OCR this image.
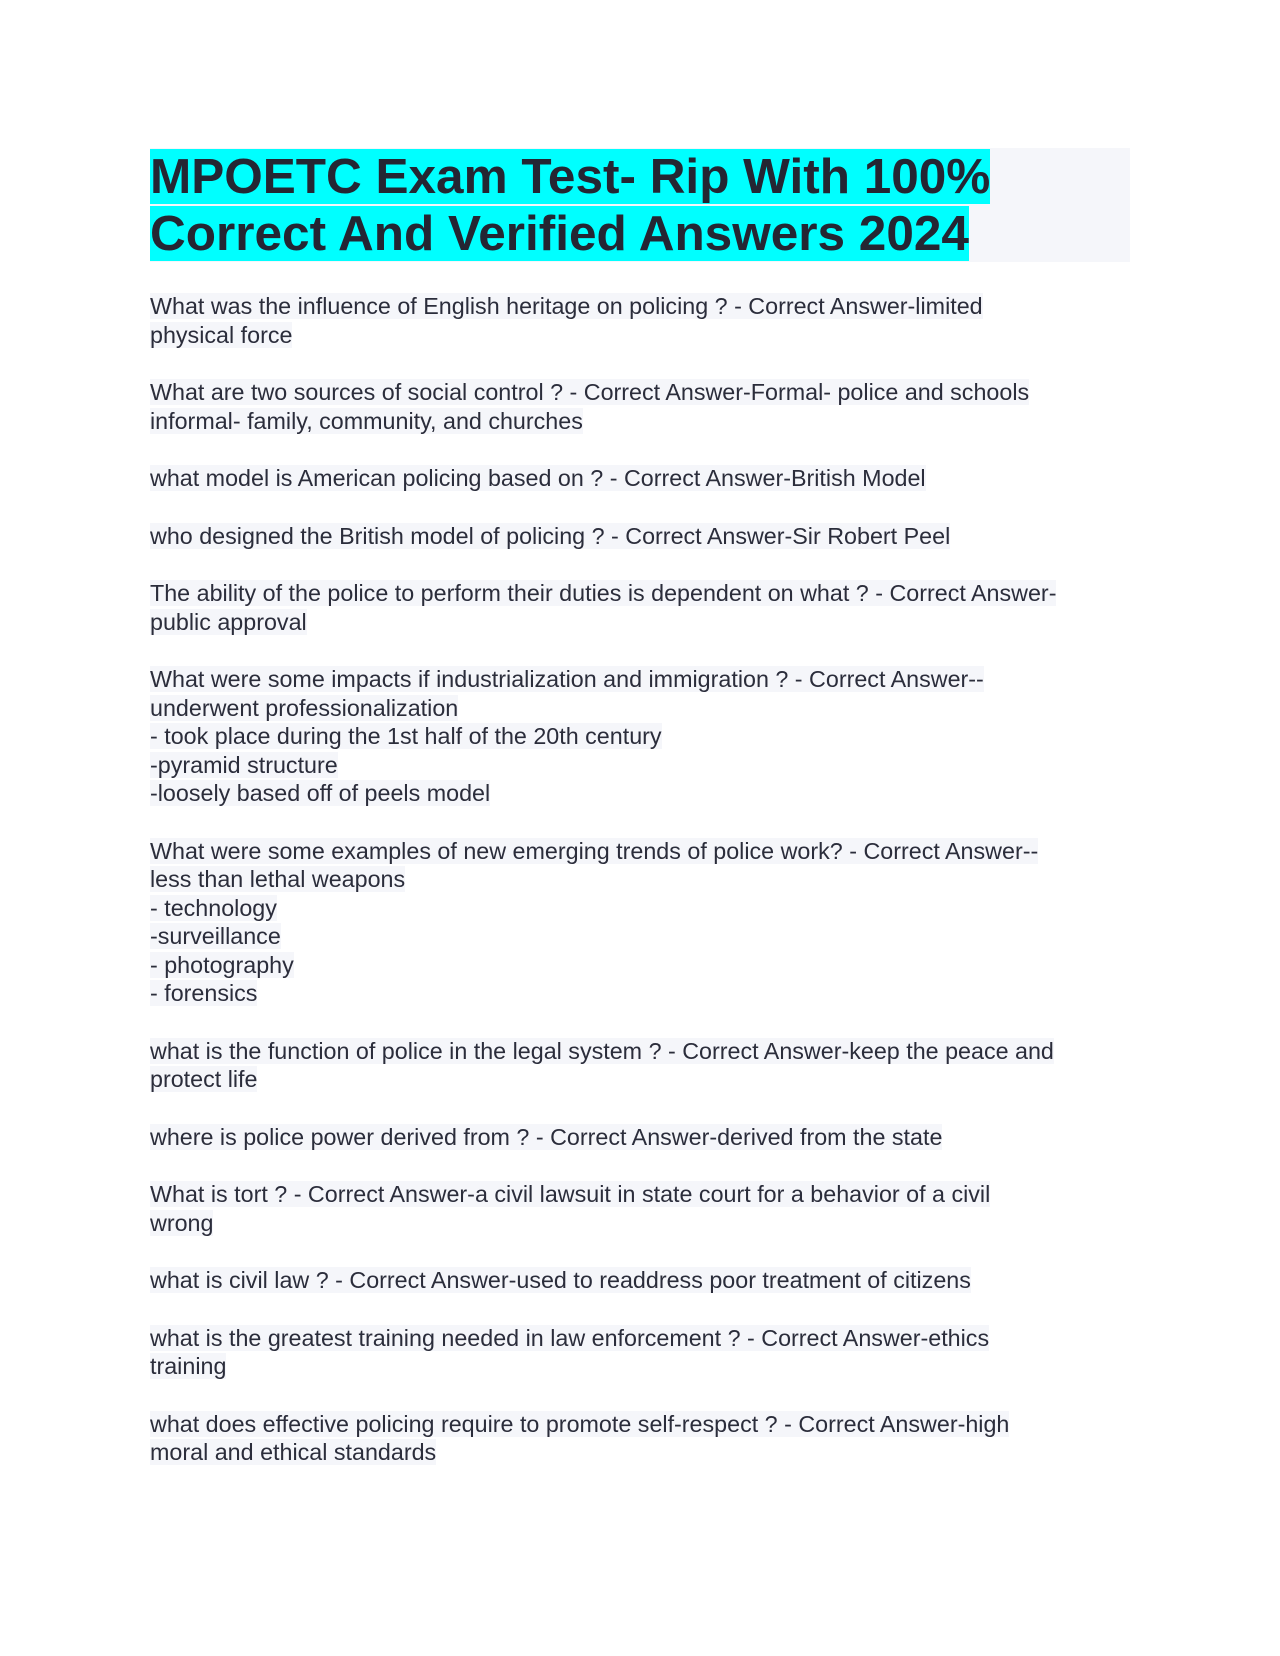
MPOETC Exam Test- Rip With 100%
Correct And Verified Answers 2024

What was the influence of English heritage on policing ? - Correct Answer-limited
physical force

What are two sources of social control ? - Correct Answer-Formal- police and schools
informal- family, community, and churches

what model is American policing based on ? - Correct Answer-British Model

who designed the British model of policing ? - Correct Answer-Sir Robert Peel

The ability of the police to perform their duties is dependent on what ? - Correct Answer-
public approval

What were some impacts if industrialization and immigration ? - Correct Answer--
underwent professionalization
- took place during the 1st half of the 20th century
-pyramid structure
-loosely based off of peels model

What were some examples of new emerging trends of police work? - Correct Answer--
less than lethal weapons
- technology
-surveillance
- photography
- forensics

what is the function of police in the legal system ? - Correct Answer-keep the peace and
protect life

where is police power derived from ? - Correct Answer-derived from the state

What is tort ? - Correct Answer-a civil lawsuit in state court for a behavior of a civil
wrong

what is civil law ? - Correct Answer-used to readdress poor treatment of citizens

what is the greatest training needed in law enforcement ? - Correct Answer-ethics
training

what does effective policing require to promote self-respect ? - Correct Answer-high
moral and ethical standards
